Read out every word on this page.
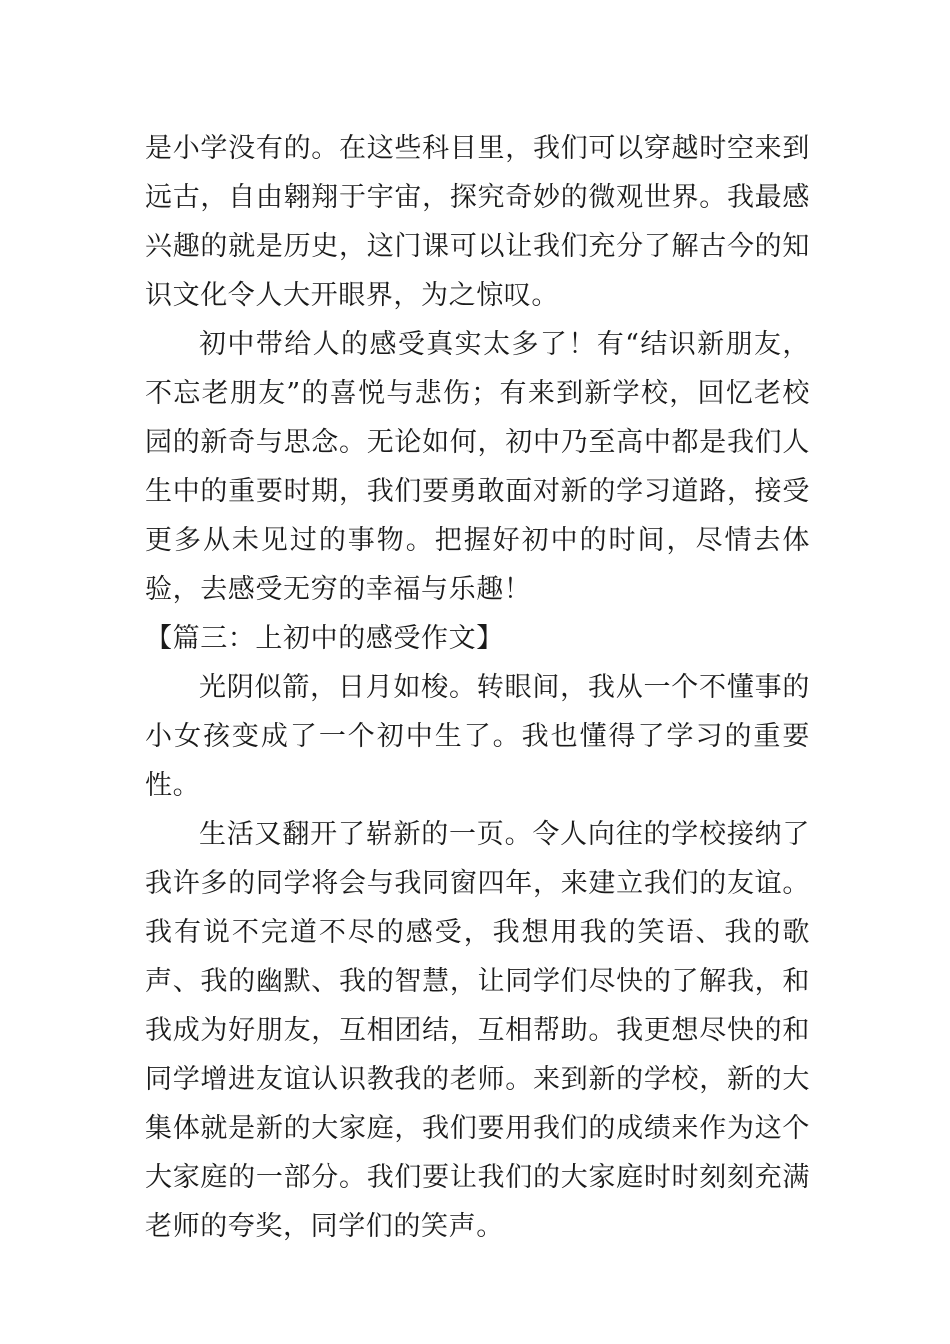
是小学没有的。在这些科目里，我们可以穿越时空来到远古，自由翱翔于宇宙，探究奇妙的微观世界。我最感兴趣的就是历史，这门课可以让我们充分了解古今的知识文化令人大开眼界，为之惊叹。

初中带给人的感受真实太多了！有“结识新朋友，不忘老朋友”的喜悦与悲伤；有来到新学校，回忆老校园的新奇与思念。无论如何，初中乃至高中都是我们人生中的重要时期，我们要勇敢面对新的学习道路，接受更多从未见过的事物。把握好初中的时间，尽情去体验，去感受无穷的幸福与乐趣！

【篇三：上初中的感受作文】

光阴似箭，日月如梭。转眼间，我从一个不懂事的小女孩变成了一个初中生了。我也懂得了学习的重要性。

生活又翻开了崭新的一页。令人向往的学校接纳了我许多的同学将会与我同窗四年，来建立我们的友谊。我有说不完道不尽的感受，我想用我的笑语、我的歌声、我的幽默、我的智慧，让同学们尽快的了解我，和我成为好朋友，互相团结，互相帮助。我更想尽快的和同学增进友谊认识教我的老师。来到新的学校，新的大集体就是新的大家庭，我们要用我们的成绩来作为这个大家庭的一部分。我们要让我们的大家庭时时刻刻充满老师的夸奖，同学们的笑声。
